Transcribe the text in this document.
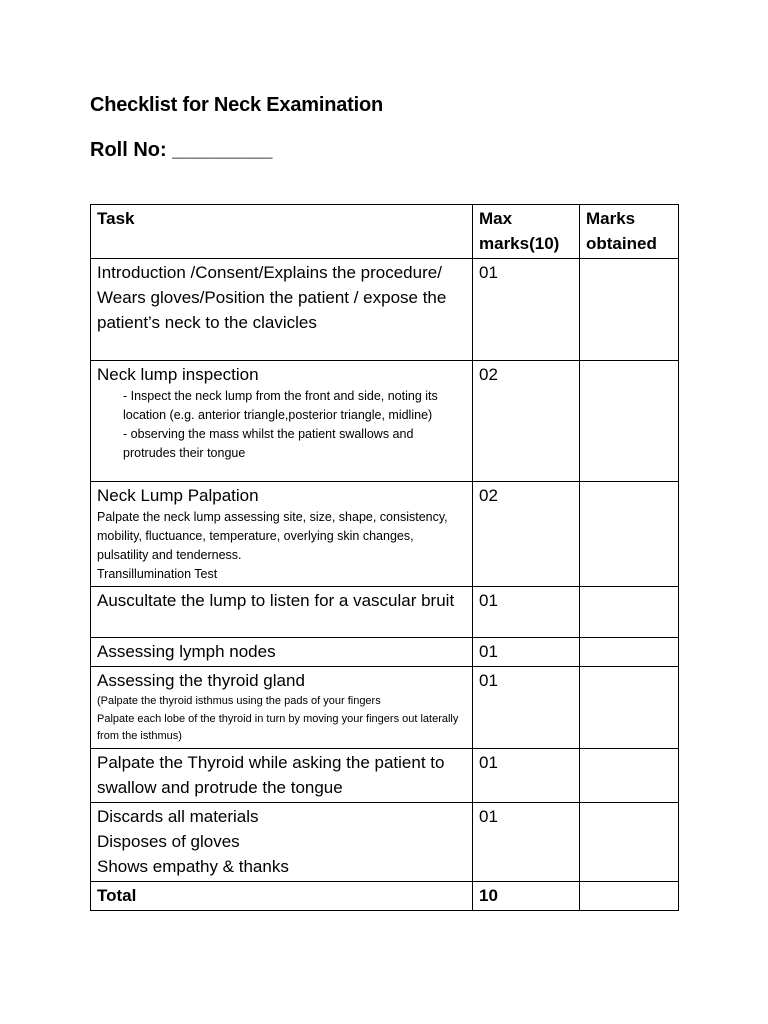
Checklist for Neck Examination
Roll No: _________
Task	Max marks(10)	Marks obtained

Introduction /Consent/Explains the procedure/ Wears gloves/Position the patient / expose the patient’s neck to the clavicles	01	

Neck lump inspection
- Inspect the neck lump from the front and side, noting its location (e.g. anterior triangle,posterior triangle, midline)
- observing the mass whilst the patient swallows and protrudes their tongue	02	

Neck Lump Palpation
Palpate the neck lump assessing site, size, shape, consistency, mobility, fluctuance, temperature, overlying skin changes, pulsatility and tenderness.
Transillumination Test	02	

Auscultate the lump to listen for a vascular bruit	01	

Assessing lymph nodes	01	

Assessing the thyroid gland
(Palpate the thyroid isthmus using the pads of your fingers
Palpate each lobe of the thyroid in turn by moving your fingers out laterally from the isthmus)	01	

Palpate the Thyroid while asking the patient to swallow and protrude the tongue	01	

Discards all materials
Disposes of gloves
Shows empathy & thanks	01	
Total	10	
